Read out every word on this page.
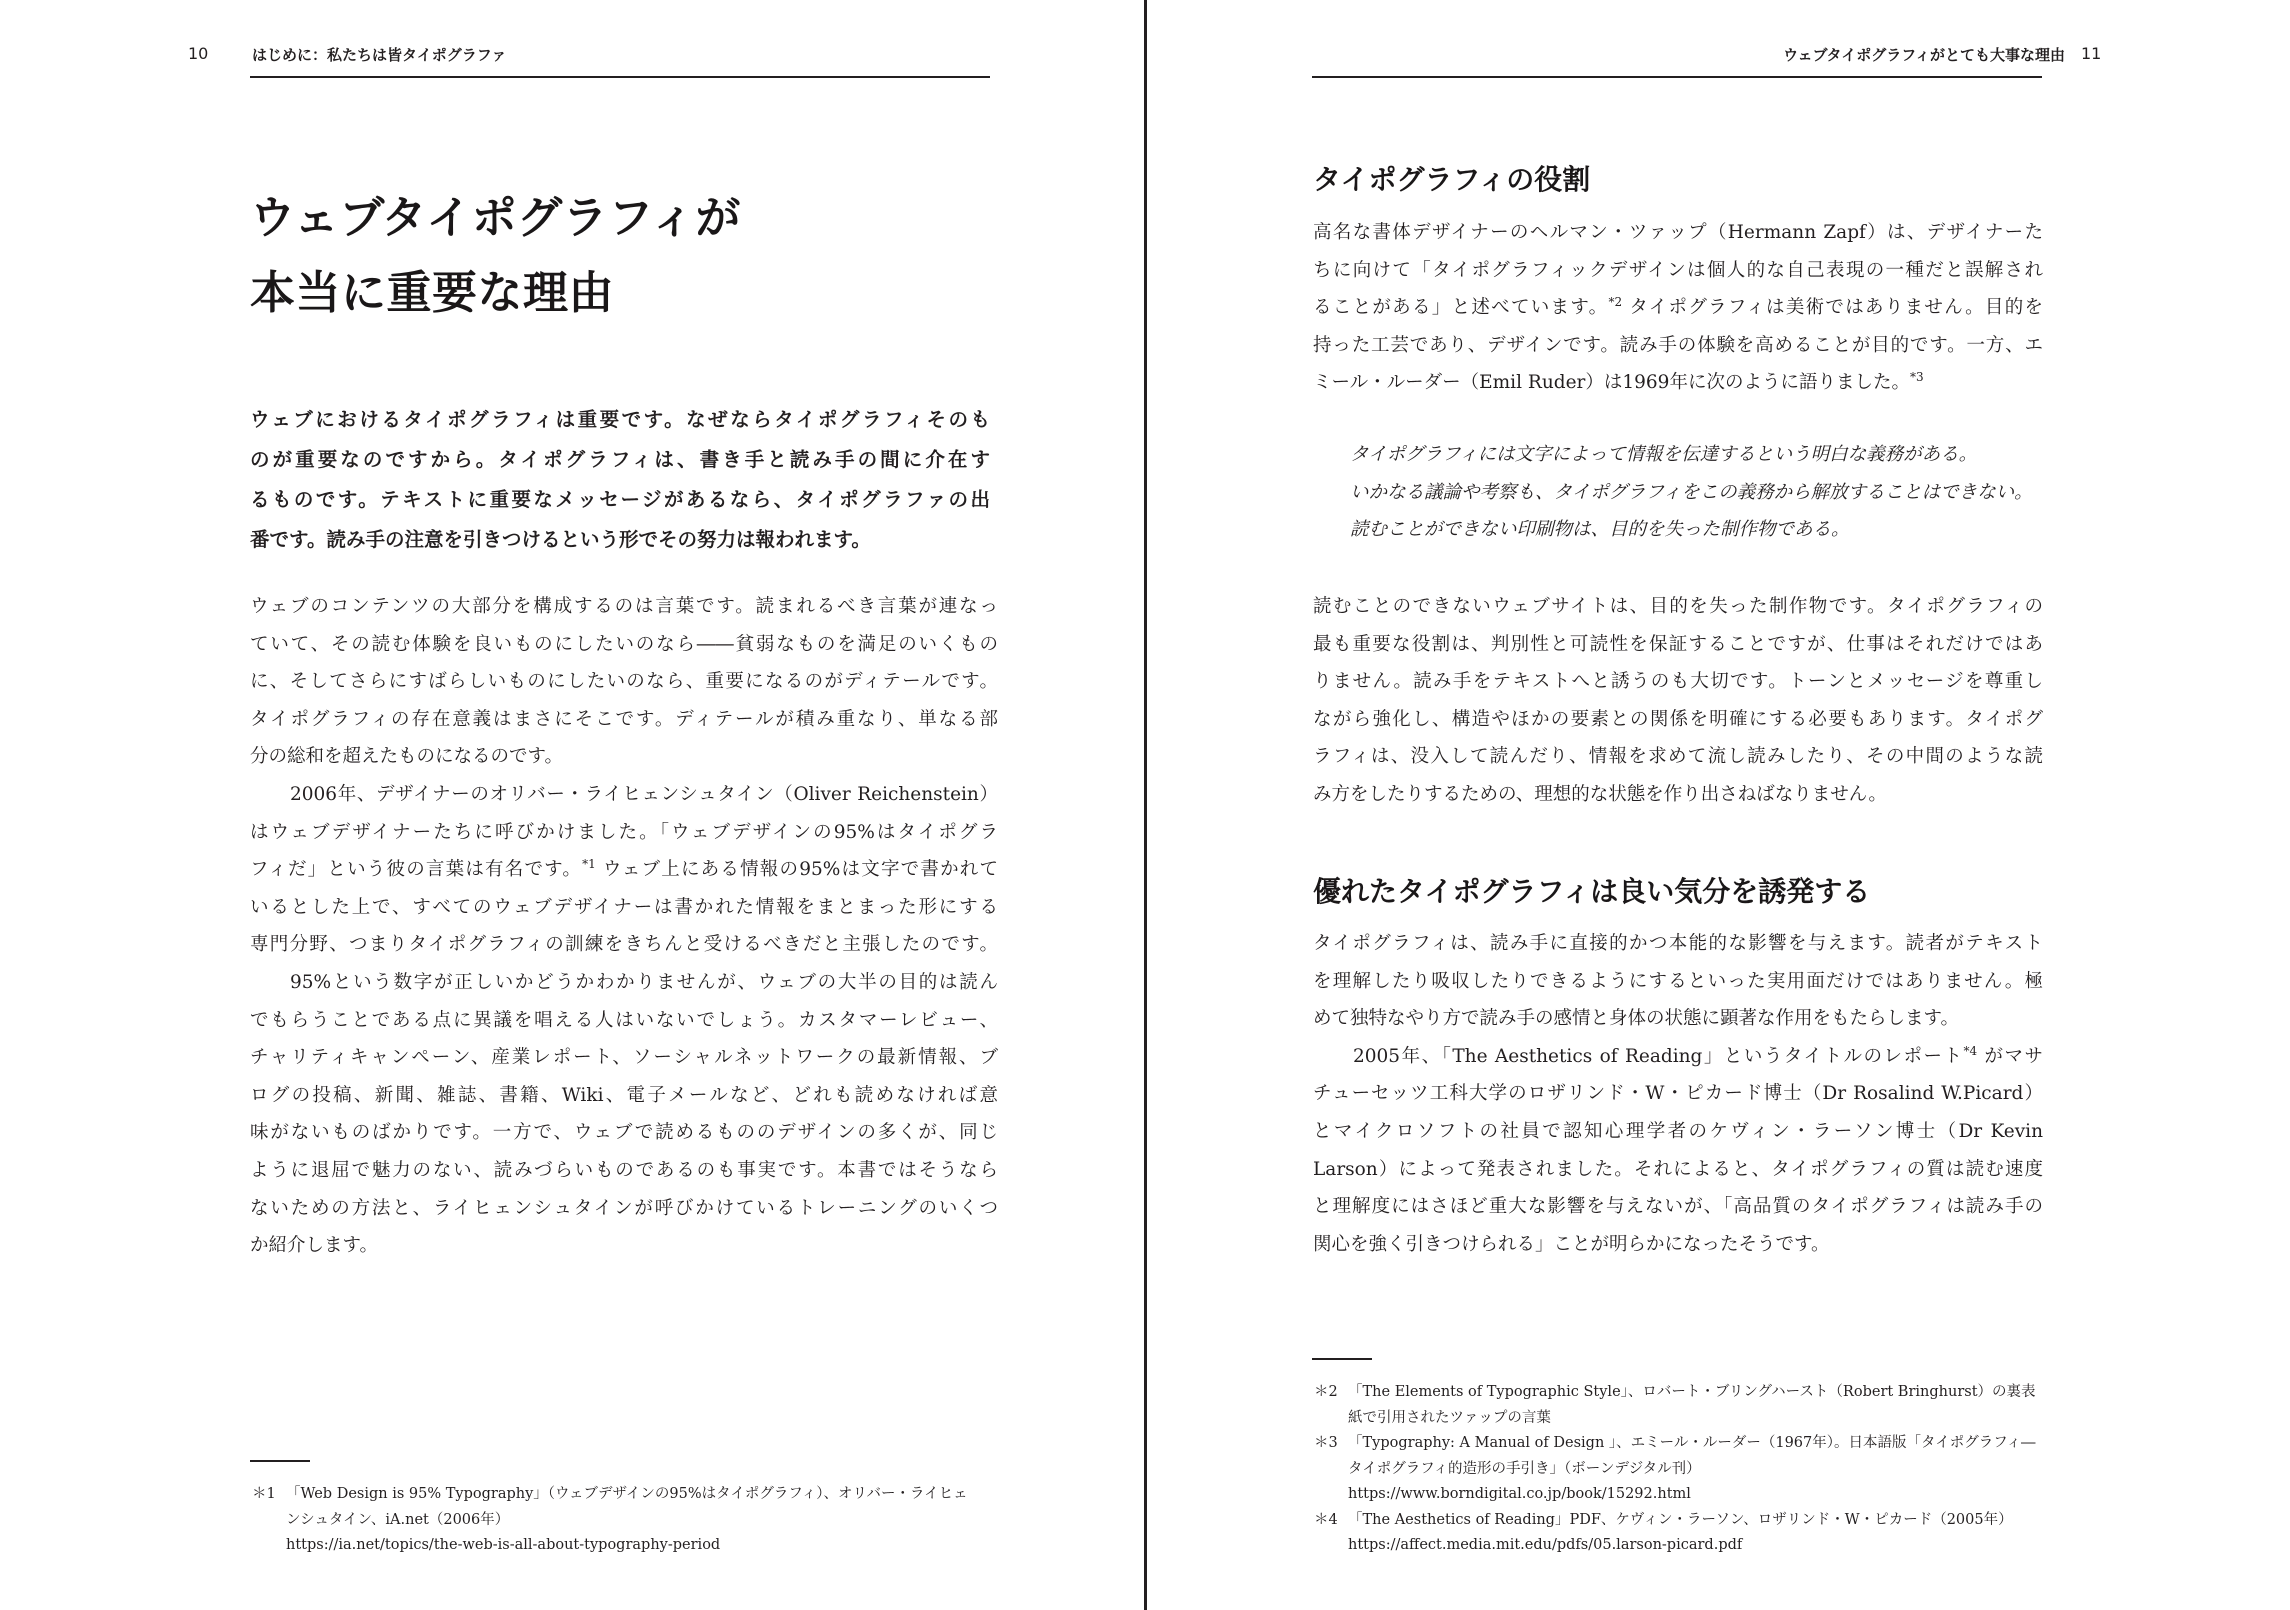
10	はじめに：私たちは皆タイポグラファ
ウェブタイポグラフィが
本当に重要な理由
ウェブにおけるタイポグラフィは重要です。なぜならタイポグラフィそのも
のが重要なのですから。タイポグラフィは、書き手と読み手の間に介在す
るものです。テキストに重要なメッセージがあるなら、タイポグラファの出
番です。読み手の注意を引きつけるという形でその努力は報われます。
ウェブのコンテンツの大部分を構成するのは言葉です。読まれるべき言葉が連なっ
ていて、その読む体験を良いものにしたいのなら――貧弱なものを満足のいくもの
に、そしてさらにすばらしいものにしたいのなら、重要になるのがディテールです。
タイポグラフィの存在意義はまさにそこです。ディテールが積み重なり、単なる部
分の総和を超えたものになるのです。
2006年、デザイナーのオリバー・ライヒェンシュタイン（Oliver Reichenstein）
はウェブデザイナーたちに呼びかけました。「ウェブデザインの95%はタイポグラ
フィだ」という彼の言葉は有名です。$^{*1}$ ウェブ上にある情報の95%は文字で書かれて
いるとした上で、すべてのウェブデザイナーは書かれた情報をまとまった形にする
専門分野、つまりタイポグラフィの訓練をきちんと受けるべきだと主張したのです。
95%という数字が正しいかどうかわかりませんが、ウェブの大半の目的は読ん
でもらうことである点に異議を唱える人はいないでしょう。カスタマーレビュー、
チャリティキャンペーン、産業レポート、ソーシャルネットワークの最新情報、ブ
ログの投稿、新聞、雑誌、書籍、Wiki、電子メールなど、どれも読めなければ意
味がないものばかりです。一方で、ウェブで読めるもののデザインの多くが、同じ
ように退屈で魅力のない、読みづらいものであるのも事実です。本書ではそうなら
ないための方法と、ライヒェンシュタインが呼びかけているトレーニングのいくつ
か紹介します。
＊1 「Web Design is 95% Typography」（ウェブデザインの95%はタイポグラフィ）、オリバー・ライヒェ
ンシュタイン、iA.net（2006年）
https://ia.net/topics/the-web-is-all-about-typography-period
ウェブタイポグラフィがとても大事な理由 11
タイポグラフィの役割
高名な書体デザイナーのヘルマン・ツァップ（Hermann Zapf）は、デザイナーた
ちに向けて「タイポグラフィックデザインは個人的な自己表現の一種だと誤解され
ることがある」と述べています。$^{*2}$ タイポグラフィは美術ではありません。目的を
持った工芸であり、デザインです。読み手の体験を高めることが目的です。一方、エ
ミール・ルーダー（Emil Ruder）は1969年に次のように語りました。$^{*3}$
タイポグラフィには文字によって情報を伝達するという明白な義務がある。
いかなる議論や考察も、タイポグラフィをこの義務から解放することはできない。
読むことができない印刷物は、目的を失った制作物である。
読むことのできないウェブサイトは、目的を失った制作物です。タイポグラフィの
最も重要な役割は、判別性と可読性を保証することですが、仕事はそれだけではあ
りません。読み手をテキストへと誘うのも大切です。トーンとメッセージを尊重し
ながら強化し、構造やほかの要素との関係を明確にする必要もあります。タイポグ
ラフィは、没入して読んだり、情報を求めて流し読みしたり、その中間のような読
み方をしたりするための、理想的な状態を作り出さねばなりません。
優れたタイポグラフィは良い気分を誘発する
タイポグラフィは、読み手に直接的かつ本能的な影響を与えます。読者がテキスト
を理解したり吸収したりできるようにするといった実用面だけではありません。極
めて独特なやり方で読み手の感情と身体の状態に顕著な作用をもたらします。
2005年、「The Aesthetics of Reading」というタイトルのレポート$^{*4}$ がマサ
チューセッツ工科大学のロザリンド・W・ピカード博士（Dr Rosalind W.Picard）
とマイクロソフトの社員で認知心理学者のケヴィン・ラーソン博士（Dr Kevin
Larson）によって発表されました。それによると、タイポグラフィの質は読む速度
と理解度にはさほど重大な影響を与えないが、「高品質のタイポグラフィは読み手の
関心を強く引きつけられる」ことが明らかになったそうです。
＊2 「The Elements of Typographic Style」、ロバート・ブリングハースト（Robert Bringhurst）の裏表
紙で引用されたツァップの言葉
＊3 「Typography: A Manual of Design 」、エミール・ルーダー（1967年）。日本語版「タイポグラフィ―
タイポグラフィ的造形の手引き」（ボーンデジタル刊）
https://www.borndigital.co.jp/book/15292.html
＊4 「The Aesthetics of Reading」PDF、ケヴィン・ラーソン、ロザリンド・W・ピカード（2005年）
https://affect.media.mit.edu/pdfs/05.larson-picard.pdf
